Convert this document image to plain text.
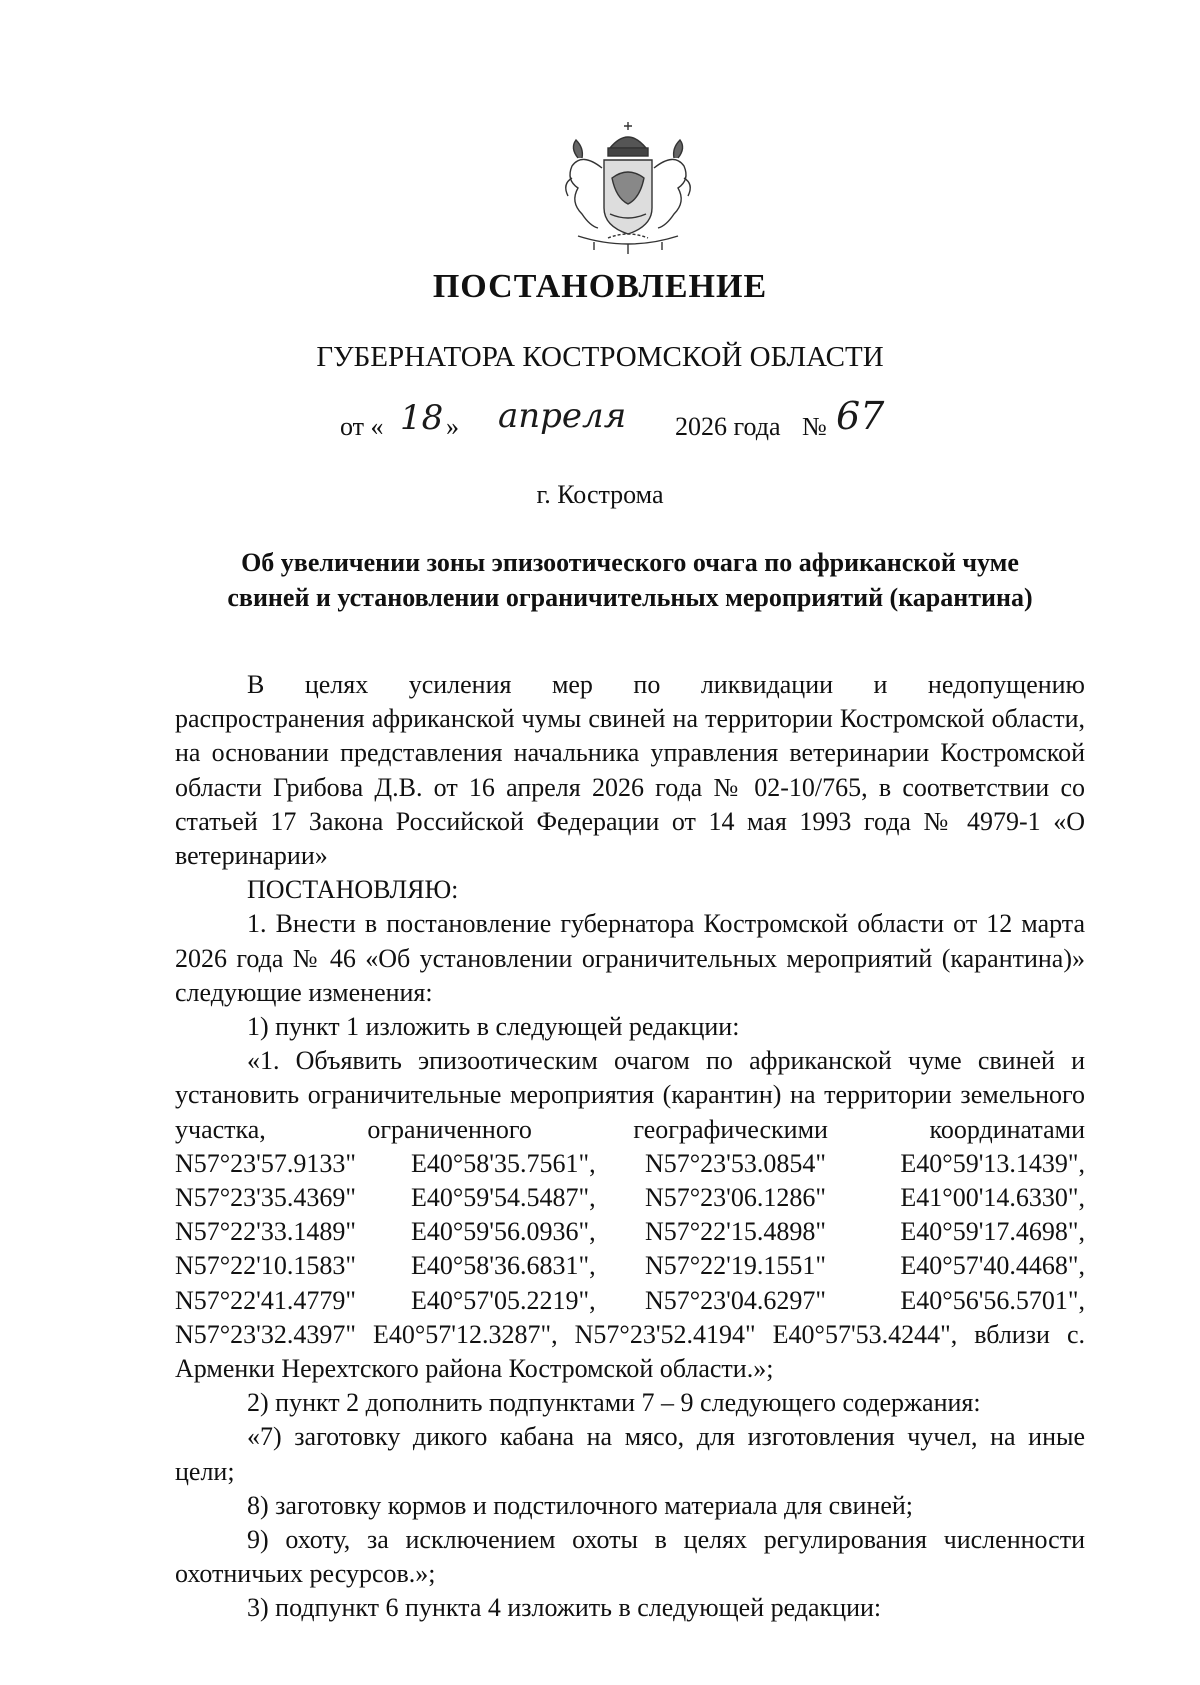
ПОСТАНОВЛЕНИЕ
ГУБЕРНАТОРА КОСТРОМСКОЙ ОБЛАСТИ
от « 18 » апреля 2026 года № 67
г. Кострома
Об увеличении зоны эпизоотического очага по африканской чуме
свиней и установлении ограничительных мероприятий (карантина)

В целях усиления мер по ликвидации и недопущению

распространения африканской чумы свиней на территории Костромской области, на основании представления начальника управления ветеринарии Костромской области Грибова Д.В. от 16 апреля 2026 года № 02-10/765, в соответствии со статьей 17 Закона Российской Федерации от 14 мая 1993 года № 4979-1 «О ветеринарии»

ПОСТАНОВЛЯЮ:

1. Внести в постановление губернатора Костромской области от 12 марта 2026 года № 46 «Об установлении ограничительных мероприятий (карантина)» следующие изменения:

1) пункт 1 изложить в следующей редакции:

«1. Объявить эпизоотическим очагом по африканской чуме свиней и установить ограничительные мероприятия (карантин) на территории земельного участка, ограниченного географическими координатами

N57°23'57.9133"	E40°58'35.7561",	N57°23'53.0854"	E40°59'13.1439",
N57°23'35.4369"	E40°59'54.5487",	N57°23'06.1286"	E41°00'14.6330",
N57°22'33.1489"	E40°59'56.0936",	N57°22'15.4898"	E40°59'17.4698",
N57°22'10.1583"	E40°58'36.6831",	N57°22'19.1551"	E40°57'40.4468",
N57°22'41.4779"	E40°57'05.2219",	N57°23'04.6297"	E40°56'56.5701",

N57°23'32.4397" E40°57'12.3287", N57°23'52.4194" E40°57'53.4244", вблизи с. Арменки Нерехтского района Костромской области.»;

2) пункт 2 дополнить подпунктами 7 – 9 следующего содержания:

«7) заготовку дикого кабана на мясо, для изготовления чучел, на иные цели;

8) заготовку кормов и подстилочного материала для свиней;

9) охоту, за исключением охоты в целях регулирования численности охотничьих ресурсов.»;

3) подпункт 6 пункта 4 изложить в следующей редакции:
